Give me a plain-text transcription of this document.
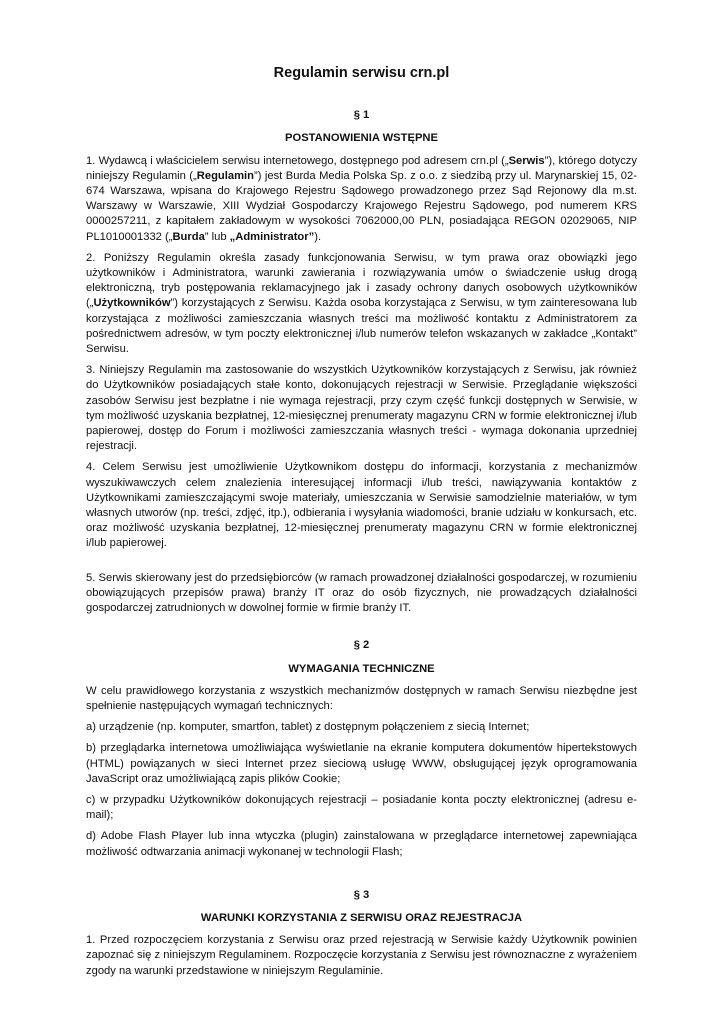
Regulamin serwisu crn.pl
§ 1
POSTANOWIENIA WSTĘPNE

1. Wydawcą i właścicielem serwisu internetowego, dostępnego pod adresem crn.pl („Serwis”), którego dotyczy niniejszy Regulamin („Regulamin”) jest Burda Media Polska Sp. z o.o. z siedzibą przy ul. Marynarskiej 15, 02-674 Warszawa, wpisana do Krajowego Rejestru Sądowego prowadzonego przez Sąd Rejonowy dla m.st. Warszawy w Warszawie, XIII Wydział Gospodarczy Krajowego Rejestru Sądowego, pod numerem KRS 0000257211, z kapitałem zakładowym w wysokości 7062000,00 PLN, posiadająca REGON 02029065, NIP PL1010001332 („Burda” lub „Administrator”).

2. Poniższy Regulamin określa zasady funkcjonowania Serwisu, w tym prawa oraz obowiązki jego użytkowników i Administratora, warunki zawierania i rozwiązywania umów o świadczenie usług drogą elektroniczną, tryb postępowania reklamacyjnego jak i zasady ochrony danych osobowych użytkowników („Użytkowników”) korzystających z Serwisu. Każda osoba korzystająca z Serwisu, w tym zainteresowana lub korzystająca z możliwości zamieszczania własnych treści ma możliwość kontaktu z Administratorem za pośrednictwem adresów, w tym poczty elektronicznej i/lub numerów telefon wskazanych w zakładce „Kontakt” Serwisu.

3. Niniejszy Regulamin ma zastosowanie do wszystkich Użytkowników korzystających z Serwisu, jak również do Użytkowników posiadających stałe konto, dokonujących rejestracji w Serwisie. Przeglądanie większości zasobów Serwisu jest bezpłatne i nie wymaga rejestracji, przy czym część funkcji dostępnych w Serwisie, w tym możliwość uzyskania bezpłatnej, 12-miesięcznej prenumeraty magazynu CRN w formie elektronicznej i/lub papierowej, dostęp do Forum i możliwości zamieszczania własnych treści - wymaga dokonania uprzedniej rejestracji.

4. Celem Serwisu jest umożliwienie Użytkownikom dostępu do informacji, korzystania z mechanizmów wyszukiwawczych celem znalezienia interesującej informacji i/lub treści, nawiązywania kontaktów z Użytkownikami zamieszczającymi swoje materiały, umieszczania w Serwisie samodzielnie materiałów, w tym własnych utworów (np. treści, zdjęć, itp.), odbierania i wysyłania wiadomości, branie udziału w konkursach, etc. oraz możliwość uzyskania bezpłatnej, 12-miesięcznej prenumeraty magazynu CRN w formie elektronicznej i/lub papierowej.

5. Serwis skierowany jest do przedsiębiorców (w ramach prowadzonej działalności gospodarczej, w rozumieniu obowiązujących przepisów prawa) branży IT oraz do osób fizycznych, nie prowadzących działalności gospodarczej zatrudnionych w dowolnej formie w firmie branży IT.

§ 2
WYMAGANIA TECHNICZNE

W celu prawidłowego korzystania z wszystkich mechanizmów dostępnych w ramach Serwisu niezbędne jest spełnienie następujących wymagań technicznych:

a) urządzenie (np. komputer, smartfon, tablet) z dostępnym połączeniem z siecią Internet;

b) przeglądarka internetowa umożliwiająca wyświetlanie na ekranie komputera dokumentów hipertekstowych (HTML) powiązanych w sieci Internet przez sieciową usługę WWW, obsługującej język oprogramowania JavaScript oraz umożliwiającą zapis plików Cookie;

c) w przypadku Użytkowników dokonujących rejestracji – posiadanie konta poczty elektronicznej (adresu e-mail);

d) Adobe Flash Player lub inna wtyczka (plugin) zainstalowana w przeglądarce internetowej zapewniająca możliwość odtwarzania animacji wykonanej w technologii Flash;

§ 3
WARUNKI KORZYSTANIA Z SERWISU ORAZ REJESTRACJA

1. Przed rozpoczęciem korzystania z Serwisu oraz przed rejestracją w Serwisie każdy Użytkownik powinien zapoznać się z niniejszym Regulaminem. Rozpoczęcie korzystania z Serwisu jest równoznaczne z wyrażeniem zgody na warunki przedstawione w niniejszym Regulaminie.
